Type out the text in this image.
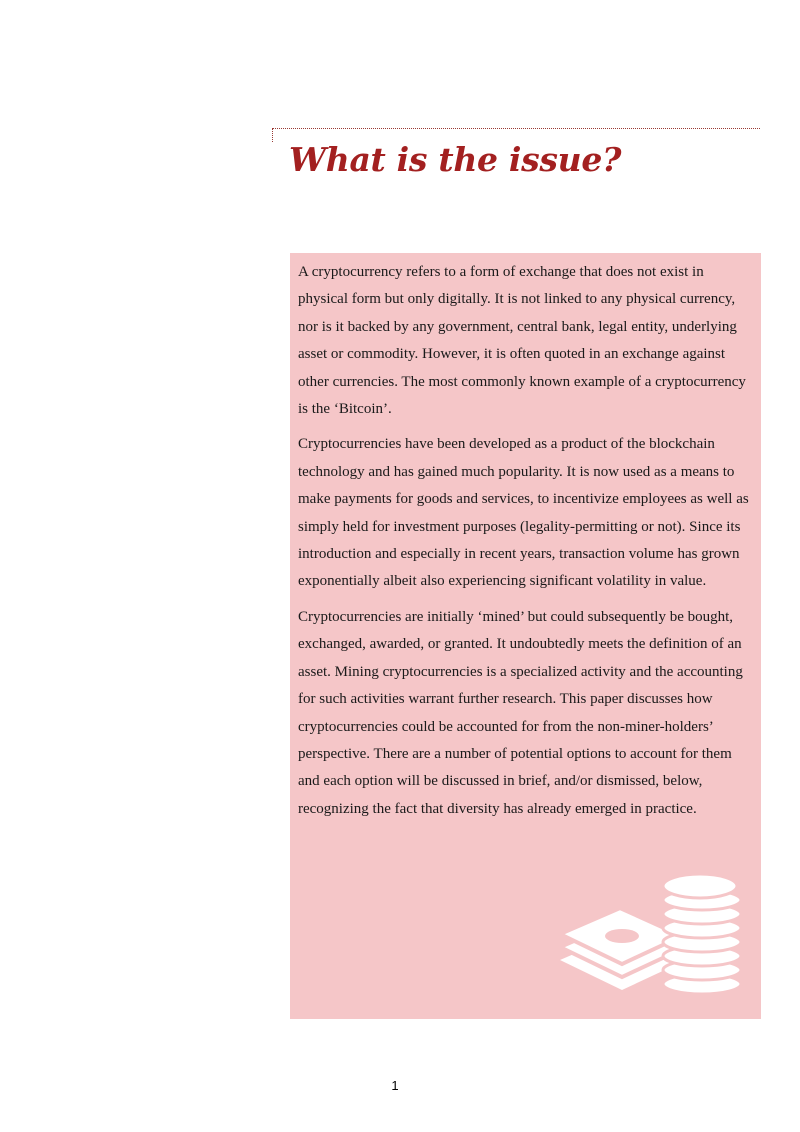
What is the issue?

A cryptocurrency refers to a form of exchange that does not exist in physical form but only digitally. It is not linked to any physical currency, nor is it backed by any government, central bank, legal entity, underlying asset or commodity. However, it is often quoted in an exchange against other currencies. The most commonly known example of a cryptocurrency is the ‘Bitcoin’.

Cryptocurrencies have been developed as a product of the blockchain technology and has gained much popularity. It is now used as a means to make payments for goods and services, to incentivize employees as well as simply held for investment purposes (legality-permitting or not). Since its introduction and especially in recent years, transaction volume has grown exponentially albeit also experiencing significant volatility in value.

Cryptocurrencies are initially ‘mined’ but could subsequently be bought, exchanged, awarded, or granted. It undoubtedly meets the definition of an asset. Mining cryptocurrencies is a specialized activity and the accounting for such activities warrant further research. This paper discusses how cryptocurrencies could be accounted for from the non-miner-holders’ perspective. There are a number of potential options to account for them and each option will be discussed in brief, and/or dismissed, below, recognizing the fact that diversity has already emerged in practice.

1
